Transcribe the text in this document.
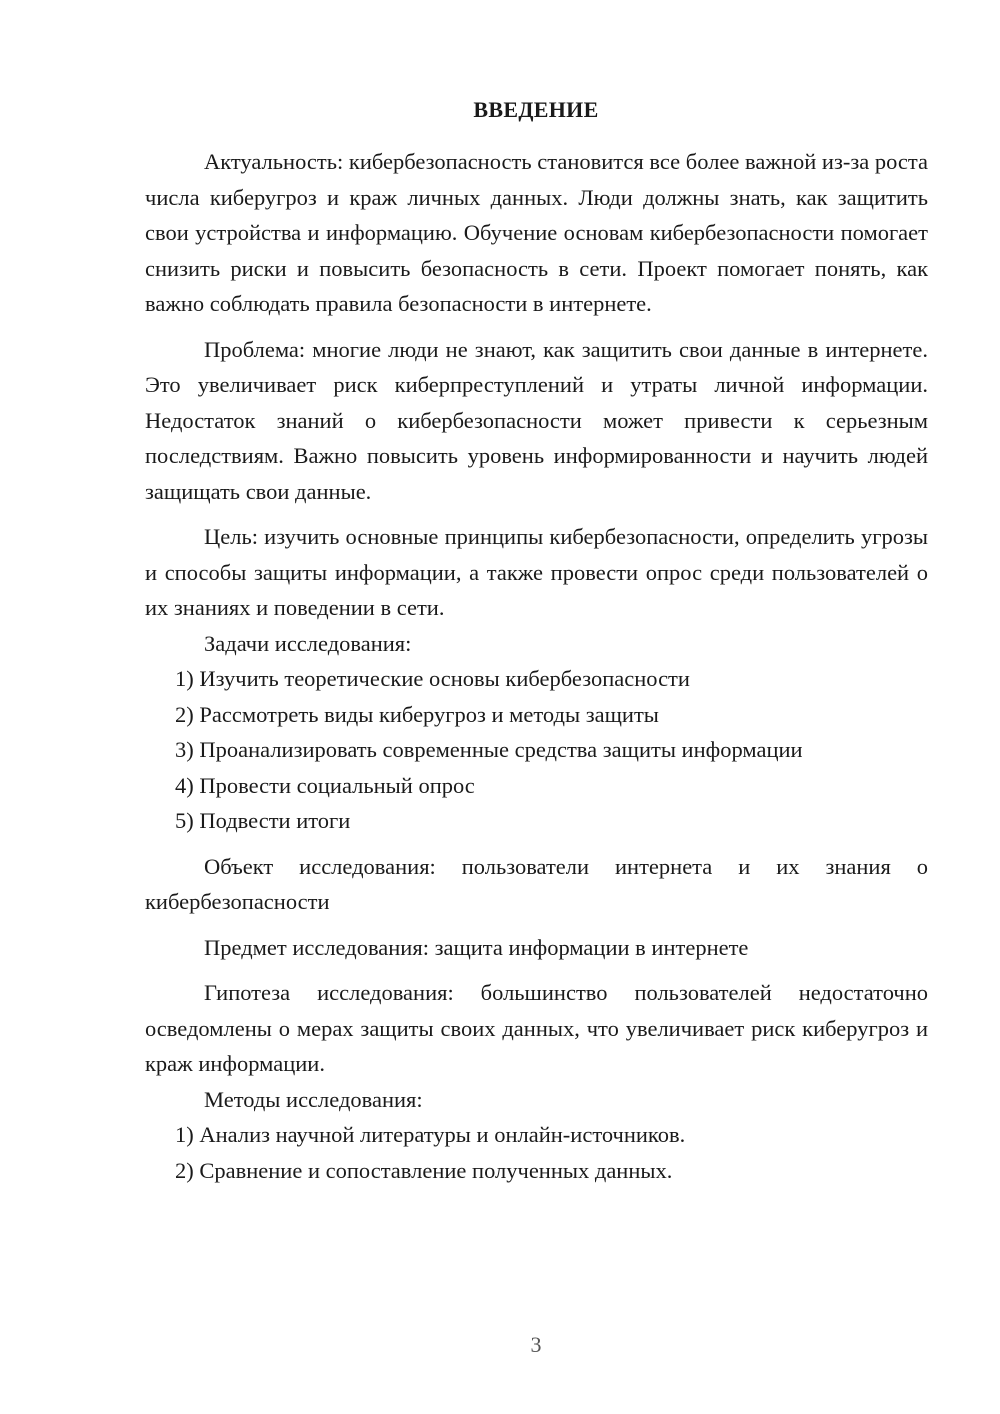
ВВЕДЕНИЕ

Актуальность: кибербезопасность становится все более важной из-за роста числа киберугроз и краж личных данных. Люди должны знать, как защитить свои устройства и информацию. Обучение основам кибербезопасности помогает снизить риски и повысить безопасность в сети. Проект помогает понять, как важно соблюдать правила безопасности в интернете.

Проблема: многие люди не знают, как защитить свои данные в интернете. Это увеличивает риск киберпреступлений и утраты личной информации. Недостаток знаний о кибербезопасности может привести к серьезным последствиям. Важно повысить уровень информированности и научить людей защищать свои данные.

Цель: изучить основные принципы кибербезопасности, определить угрозы и способы защиты информации, а также провести опрос среди пользователей о их знаниях и поведении в сети.

Задачи исследования:

1) Изучить теоретические основы кибербезопасности

2) Рассмотреть виды киберугроз и методы защиты

3) Проанализировать современные средства защиты информации

4) Провести социальный опрос

5) Подвести итоги

Объект исследования: пользователи интернета и их знания о кибербезопасности

Предмет исследования: защита информации в интернете

Гипотеза исследования: большинство пользователей недостаточно осведомлены о мерах защиты своих данных, что увеличивает риск киберугроз и краж информации.

Методы исследования:

1) Анализ научной литературы и онлайн-источников.

2) Сравнение и сопоставление полученных данных.

3
